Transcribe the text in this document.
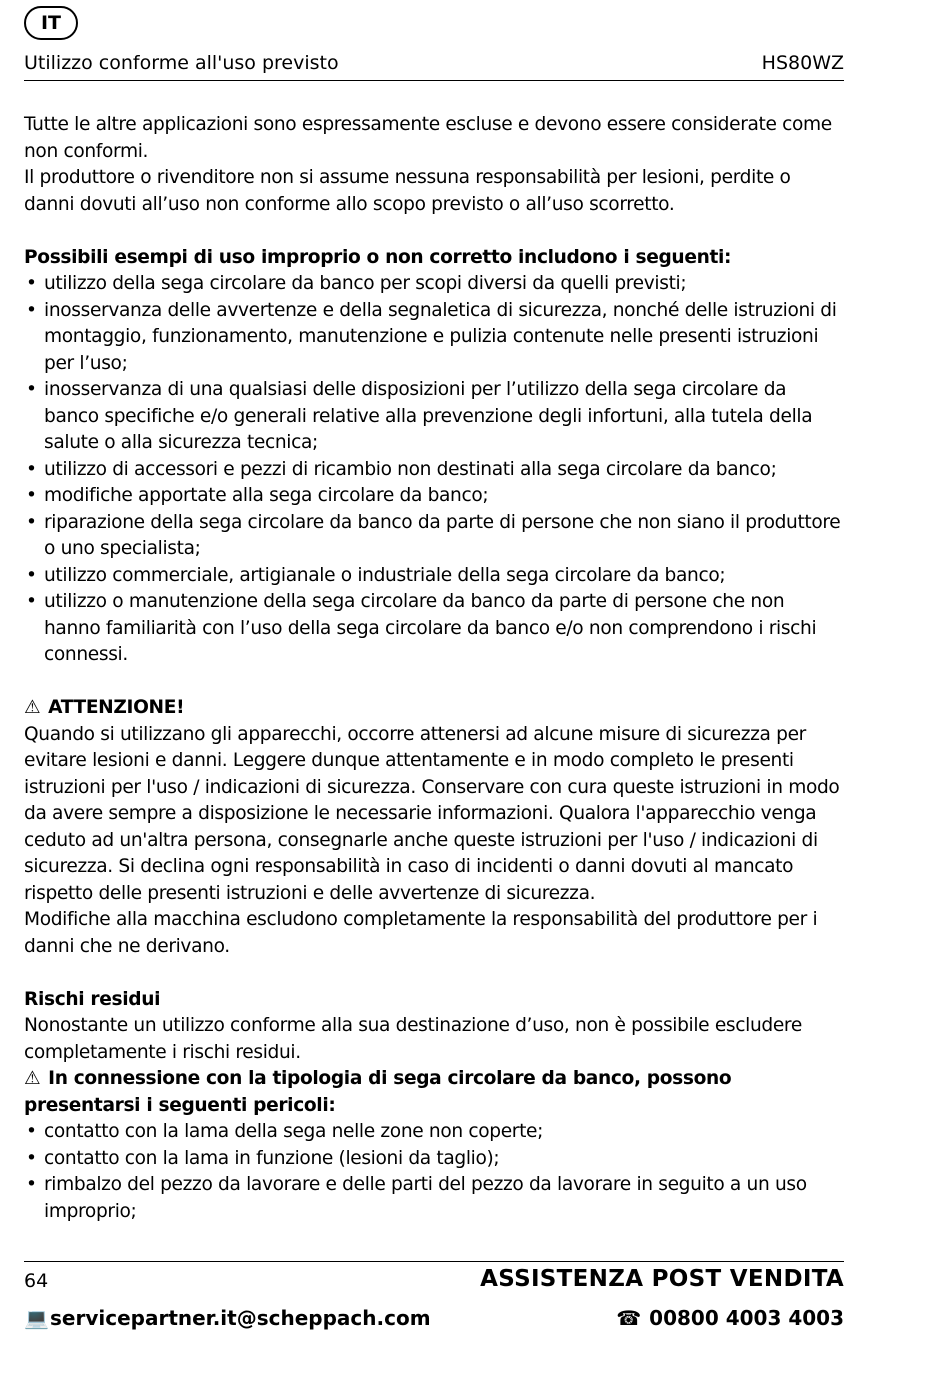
IT
Utilizzo conforme all'uso previsto	HS80WZ

Tutte le altre applicazioni sono espressamente escluse e devono essere considerate come non conformi.

Il produttore o rivenditore non si assume nessuna responsabilità per lesioni, perdite o danni dovuti all’uso non conforme allo scopo previsto o all’uso scorretto.

Possibili esempi di uso improprio o non corretto includono i seguenti:

• utilizzo della sega circolare da banco per scopi diversi da quelli previsti;
• inosservanza delle avvertenze e della segnaletica di sicurezza, nonché delle istruzioni di montaggio, funzionamento, manutenzione e pulizia contenute nelle presenti istruzioni per l’uso;
• inosservanza di una qualsiasi delle disposizioni per l’utilizzo della sega circolare da banco specifiche e/o generali relative alla prevenzione degli infortuni, alla tutela della salute o alla sicurezza tecnica;
• utilizzo di accessori e pezzi di ricambio non destinati alla sega circolare da banco;
• modifiche apportate alla sega circolare da banco;
• riparazione della sega circolare da banco da parte di persone che non siano il produttore o uno specialista;
• utilizzo commerciale, artigianale o industriale della sega circolare da banco;
• utilizzo o manutenzione della sega circolare da banco da parte di persone che non hanno familiarità con l’uso della sega circolare da banco e/o non comprendono i rischi connessi.

⚠ ATTENZIONE!

Quando si utilizzano gli apparecchi, occorre attenersi ad alcune misure di sicurezza per evitare lesioni e danni. Leggere dunque attentamente e in modo completo le presenti istruzioni per l'uso / indicazioni di sicurezza. Conservare con cura queste istruzioni in modo da avere sempre a disposizione le necessarie informazioni. Qualora l'apparecchio venga ceduto ad un'altra persona, consegnarle anche queste istruzioni per l'uso / indicazioni di sicurezza. Si declina ogni responsabilità in caso di incidenti o danni dovuti al mancato rispetto delle presenti istruzioni e delle avvertenze di sicurezza.

Modifiche alla macchina escludono completamente la responsabilità del produttore per i danni che ne derivano.

Rischi residui

Nonostante un utilizzo conforme alla sua destinazione d’uso, non è possibile escludere completamente i rischi residui.

⚠ In connessione con la tipologia di sega circolare da banco, possono presentarsi i seguenti pericoli:

• contatto con la lama della sega nelle zone non coperte;
• contatto con la lama in funzione (lesioni da taglio);
• rimbalzo del pezzo da lavorare e delle parti del pezzo da lavorare in seguito a un uso improprio;
64	ASSISTENZA POST VENDITA
💻servicepartner.it@scheppach.com	☎ 00800 4003 4003
